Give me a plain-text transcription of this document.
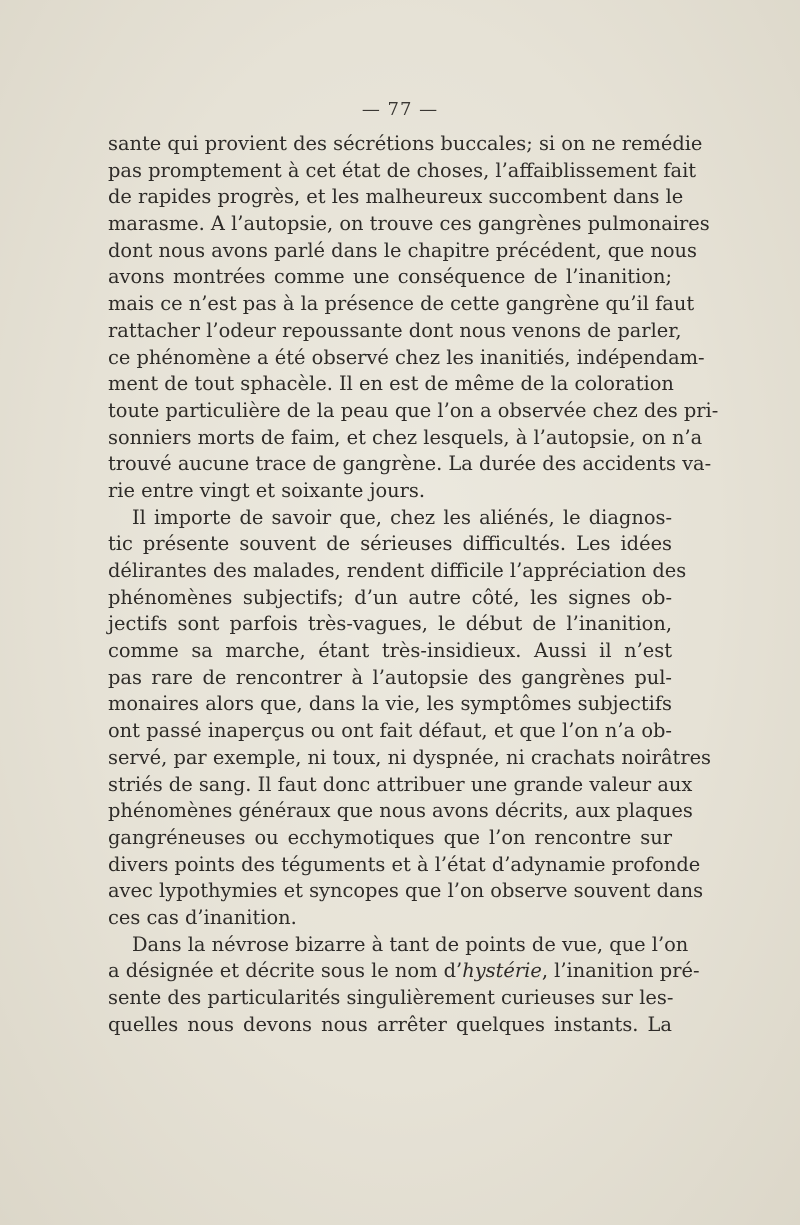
— 77 —
sante qui provient des sécrétions buccales; si on ne remédie
pas promptement à cet état de choses, l’affaiblissement fait
de rapides progrès, et les malheureux succombent dans le
marasme. A l’autopsie, on trouve ces gangrènes pulmonaires
dont nous avons parlé dans le chapitre précédent, que nous
avons montrées comme une conséquence de l’inanition;
mais ce n’est pas à la présence de cette gangrène qu’il faut
rattacher l’odeur repoussante dont nous venons de parler,
ce phénomène a été observé chez les inanitiés, indépendam-
ment de tout sphacèle. Il en est de même de la coloration
toute particulière de la peau que l’on a observée chez des pri-
sonniers morts de faim, et chez lesquels, à l’autopsie, on n’a
trouvé aucune trace de gangrène. La durée des accidents va-
rie entre vingt et soixante jours.
Il importe de savoir que, chez les aliénés, le diagnos-
tic présente souvent de sérieuses difficultés. Les idées
délirantes des malades, rendent difficile l’appréciation des
phénomènes subjectifs; d’un autre côté, les signes ob-
jectifs sont parfois très-vagues, le début de l’inanition,
comme sa marche, étant très-insidieux. Aussi il n’est
pas rare de rencontrer à l’autopsie des gangrènes pul-
monaires alors que, dans la vie, les symptômes subjectifs
ont passé inaperçus ou ont fait défaut, et que l’on n’a ob-
servé, par exemple, ni toux, ni dyspnée, ni crachats noirâtres
striés de sang. Il faut donc attribuer une grande valeur aux
phénomènes généraux que nous avons décrits, aux plaques
gangréneuses ou ecchymotiques que l’on rencontre sur
divers points des téguments et à l’état d’adynamie profonde
avec lypothymies et syncopes que l’on observe souvent dans
ces cas d’inanition.
Dans la névrose bizarre à tant de points de vue, que l’on
a désignée et décrite sous le nom d’hystérie, l’inanition pré-
sente des particularités singulièrement curieuses sur les-
quelles nous devons nous arrêter quelques instants. La
